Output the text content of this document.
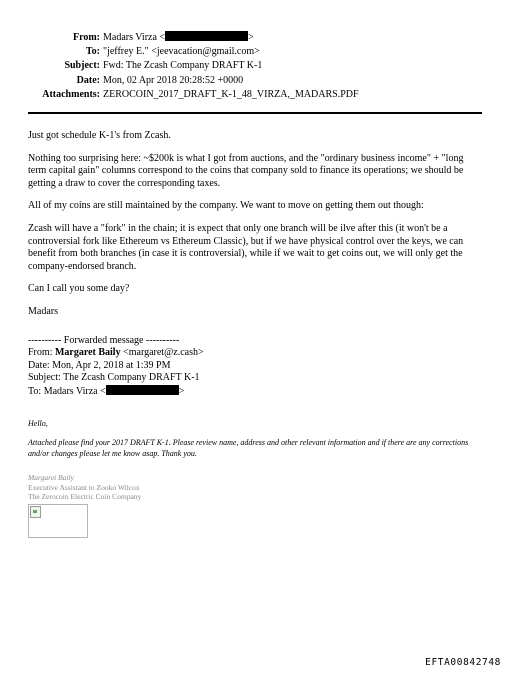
From: Madars Virza <	>
To: "jeffrey E." <jeevacation@gmail.com>
Subject: Fwd: The Zcash Company DRAFT K-1
Date: Mon, 02 Apr 2018 20:28:52 +0000
Attachments: ZEROCOIN_2017_DRAFT_K-1_48_VIRZA,_MADARS.PDF

Just got schedule K-1's from Zcash.

Nothing too surprising here: ~$200k is what I got from auctions, and the "ordinary business income" + "long term capital gain" columns correspond to the coins that company sold to finance its operations; we should be getting a draw to cover the corresponding taxes.

All of my coins are still maintained by the company. We want to move on getting them out though:

Zcash will have a "fork" in the chain; it is expect that only one branch will be ilve after this (it won't be a controversial fork like Ethereum vs Ethereum Classic), but if we have physical control over the keys, we can benefit from both branches (in case it is controversial), while if we wait to get coins out, we will only get the company-endorsed branch.

Can I call you some day?

Madars

---------- Forwarded message ----------
From: Margaret Baily <margaret@z.cash>
Date: Mon, Apr 2, 2018 at 1:39 PM
Subject: The Zcash Company DRAFT K-1
To: Madars Virza <	>
Hello,
Attached please find your 2017 DRAFT K-1. Please review name, address and other relevant information and if there are any corrections and/or changes please let me know asap. Thank you.
Margaret Baily
Executive Assistant to Zooko Wilcox
The Zerocoin Electric Coin Company
EFTA00842748
